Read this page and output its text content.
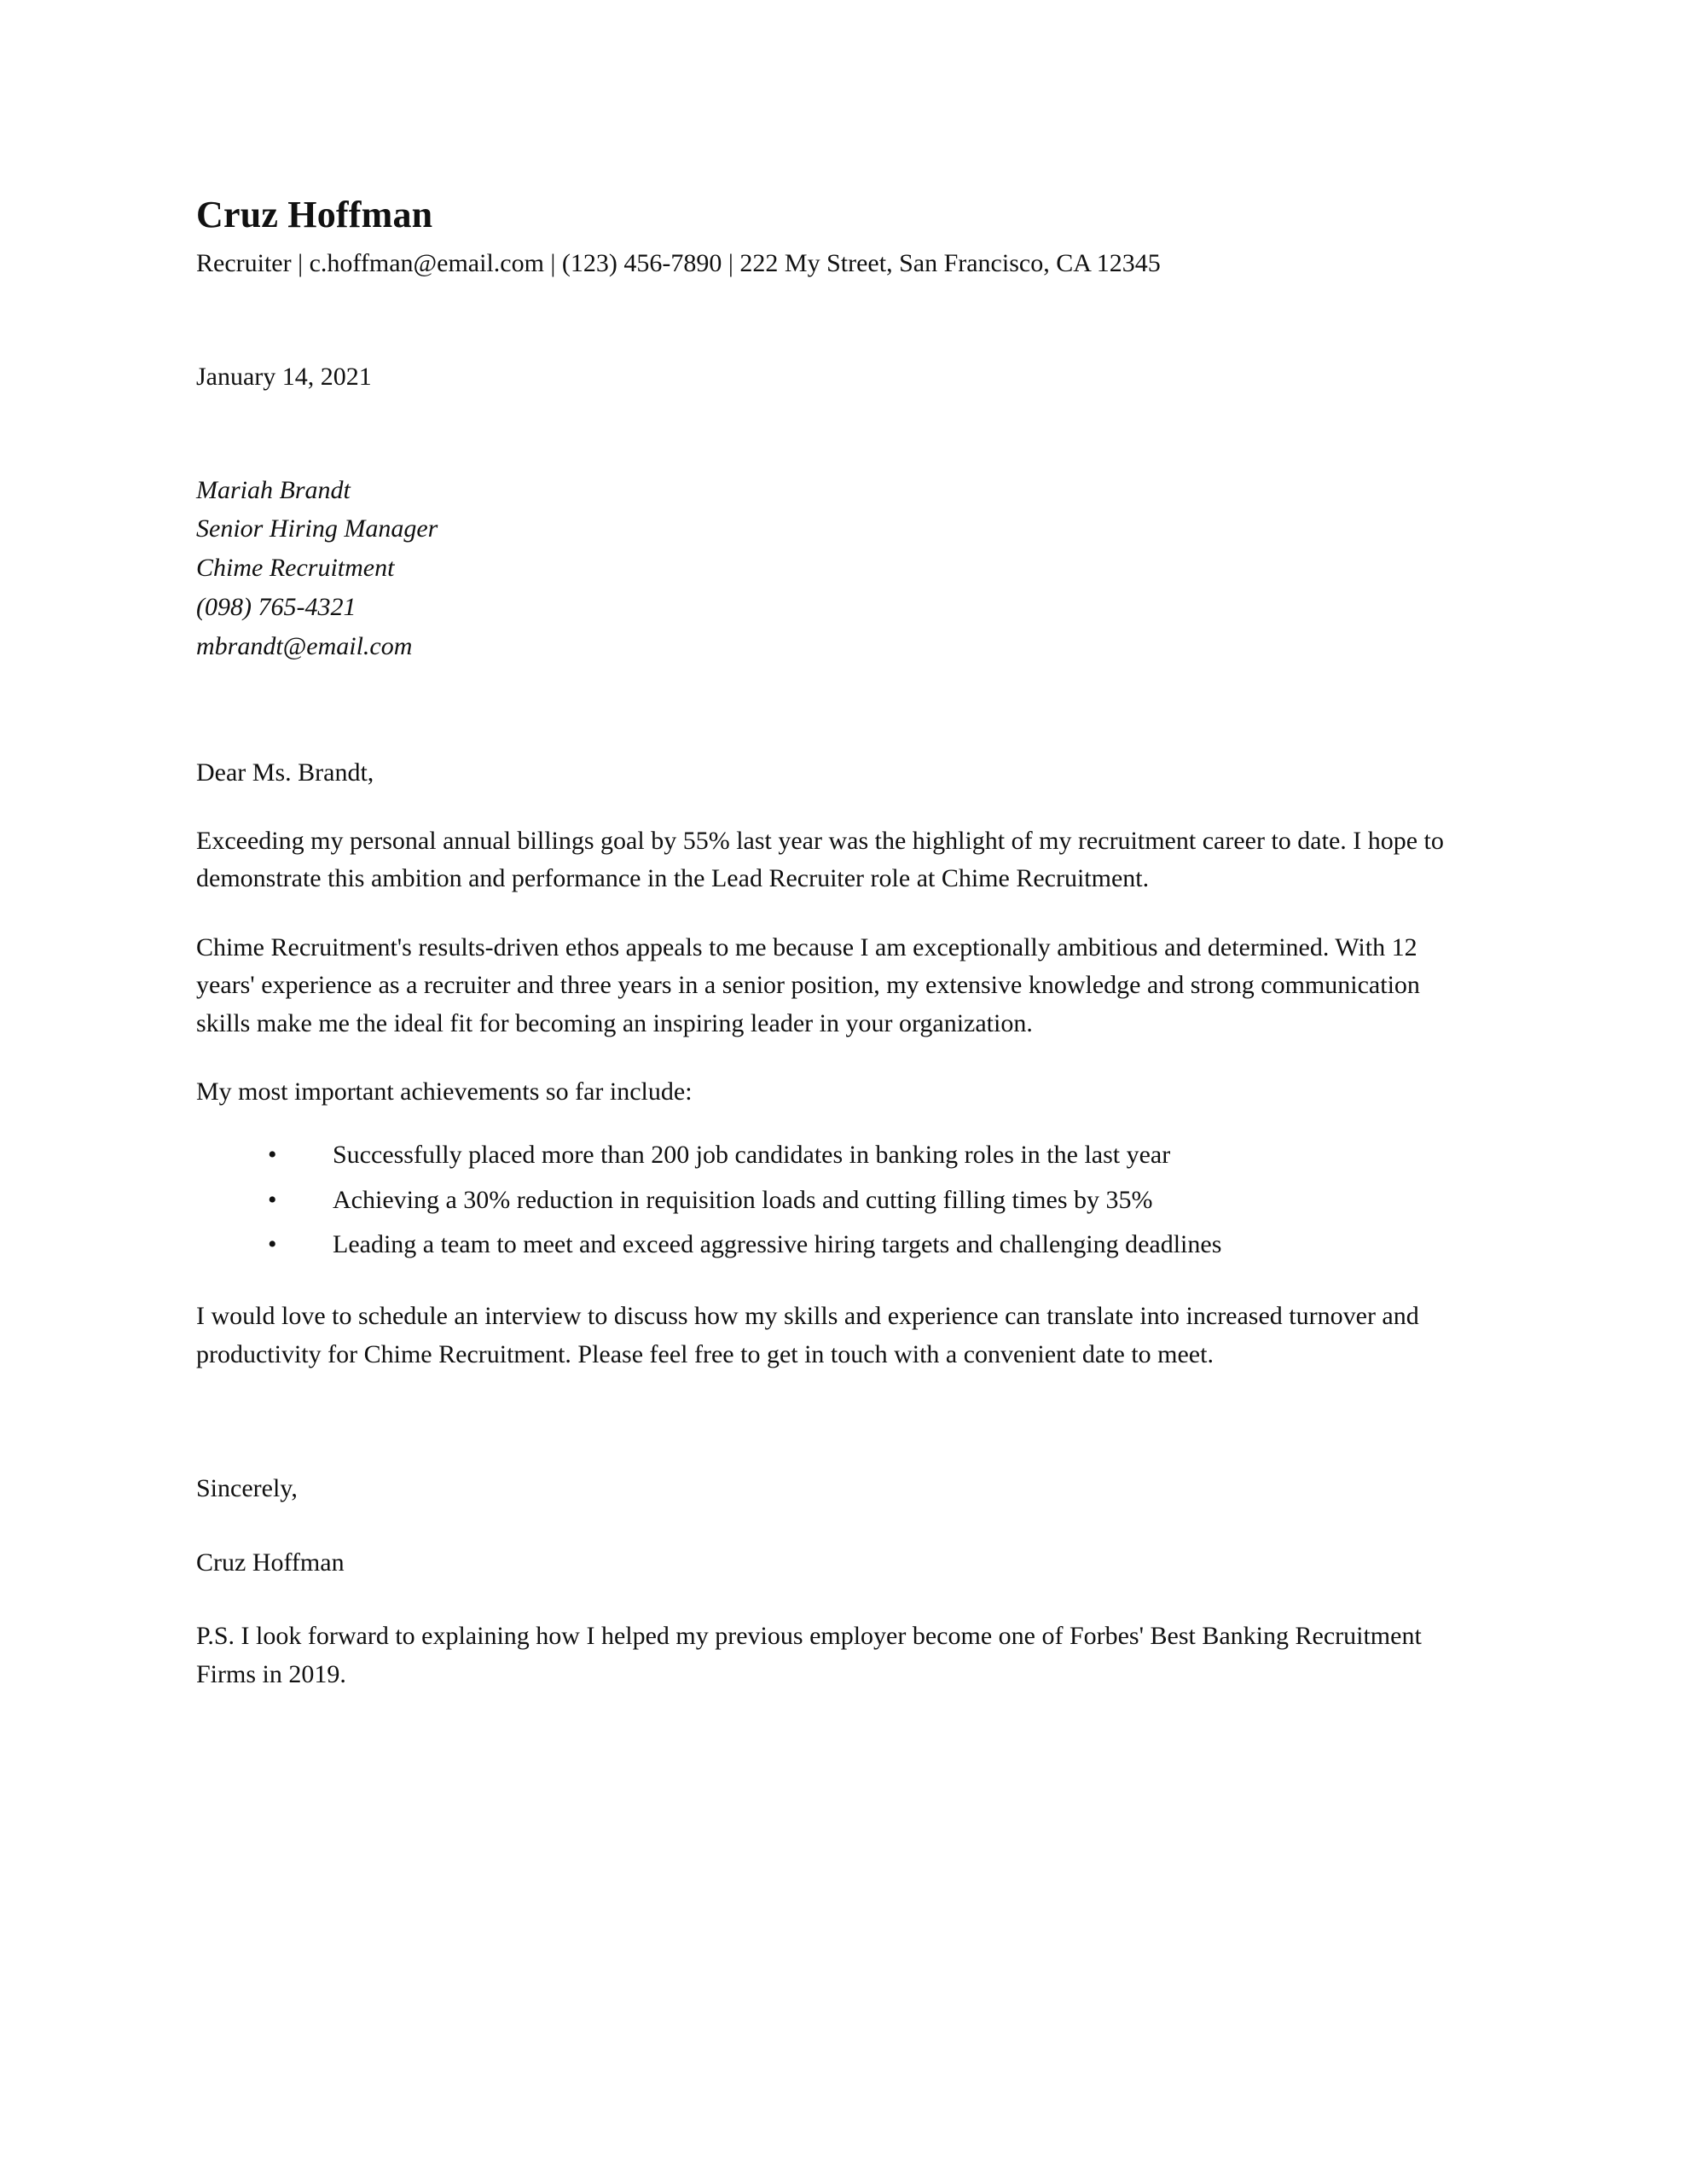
Cruz Hoffman

Recruiter | c.hoffman@email.com | (123) 456-7890 | 222 My Street, San Francisco, CA 12345

January 14, 2021

Mariah Brandt

Senior Hiring Manager

Chime Recruitment

(098) 765-4321

mbrandt@email.com

Dear Ms. Brandt,

Exceeding my personal annual billings goal by 55% last year was the highlight of my recruitment career to date. I hope to demonstrate this ambition and performance in the Lead Recruiter role at Chime Recruitment.

Chime Recruitment's results-driven ethos appeals to me because I am exceptionally ambitious and determined. With 12 years' experience as a recruiter and three years in a senior position, my extensive knowledge and strong communication skills make me the ideal fit for becoming an inspiring leader in your organization.

My most important achievements so far include:

• Successfully placed more than 200 job candidates in banking roles in the last year
• Achieving a 30% reduction in requisition loads and cutting filling times by 35%
• Leading a team to meet and exceed aggressive hiring targets and challenging deadlines

I would love to schedule an interview to discuss how my skills and experience can translate into increased turnover and productivity for Chime Recruitment. Please feel free to get in touch with a convenient date to meet.

Sincerely,

Cruz Hoffman

P.S. I look forward to explaining how I helped my previous employer become one of Forbes' Best Banking Recruitment Firms in 2019.
